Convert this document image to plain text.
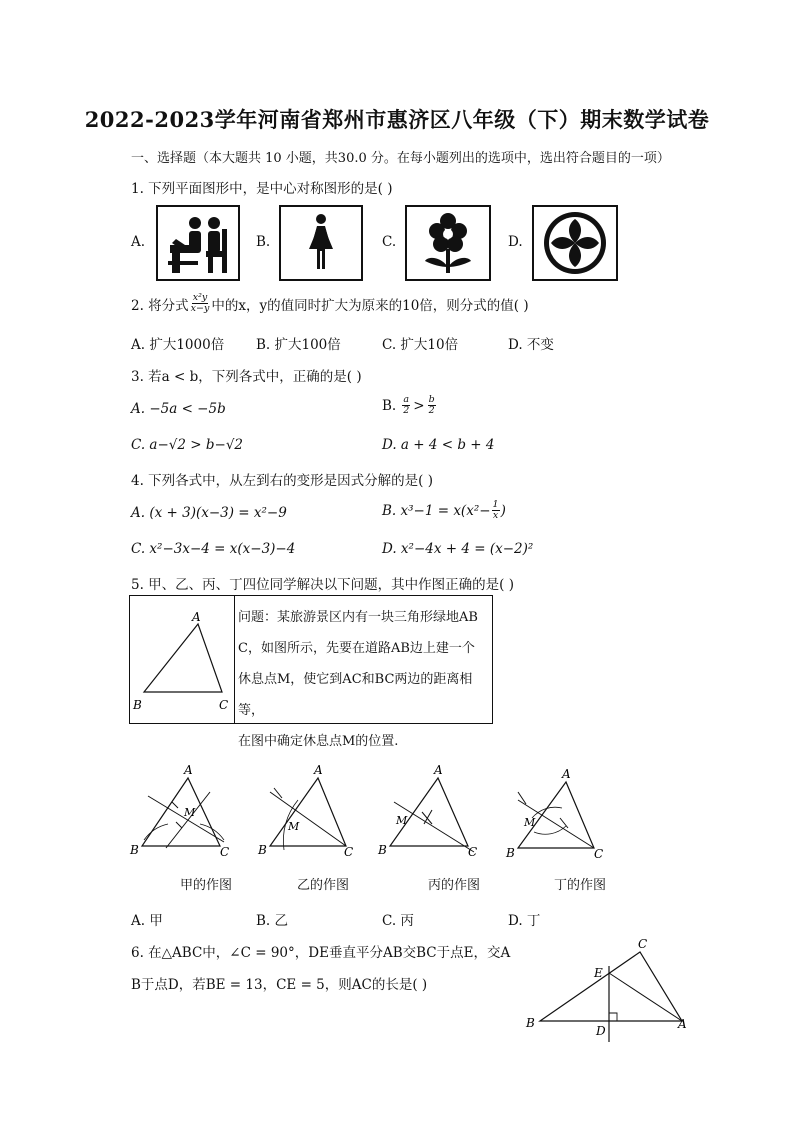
2022-2023学年河南省郑州市惠济区八年级（下）期末数学试卷
一、选择题（本大题共 10 小题，共30.0 分。在每小题列出的选项中，选出符合题目的一项）
1. 下列平面图形中，是中心对称图形的是( )
A.	B.	C.	D.
2. 将分式 $\frac{\text{x²y}}{x-y}$ 中的x，y的值同时扩大为原来的10倍，则分式的值( )
A. 扩大1000倍 B. 扩大100倍	C. 扩大10倍	D. 不变
3. 若a < b，下列各式中，正确的是( )
A. −5a < −5b	B. $\frac{a}{2} > \frac{b}{2}$
C. a−√2 > b−√2	D. a + 4 < b + 4
4. 下列各式中，从左到右的变形是因式分解的是( )
A. (x + 3)(x−3) = x²−9	B. $x^3-1 = x(x^2- \frac{1}{x}$ )
C. x²−3x−4 = x(x−3)−4	D. x²−4x + 4 = (x−2)²
5. 甲、乙、丙、丁四位同学解决以下问题，其中作图正确的是( )
A
B	C
问题：某旅游景区内有一块三角形绿地AB
C，如图所示，先要在道路AB边上建一个
休息点M，使它到AC和BC两边的距离相等，
在图中确定休息点M的位置.
A
B	C
M
A
B	C
M
A
B	C
M
A
B	C
M
甲的作图	乙的作图	丙的作图	丁的作图
A. 甲	B. 乙	C. 丙	D. 丁
6. 在△ABC中，∠C = 90°，DE垂直平分AB交BC于点E，交A
B于点D，若BE = 13，CE = 5，则AC的长是( )
C
E
B
D	A
